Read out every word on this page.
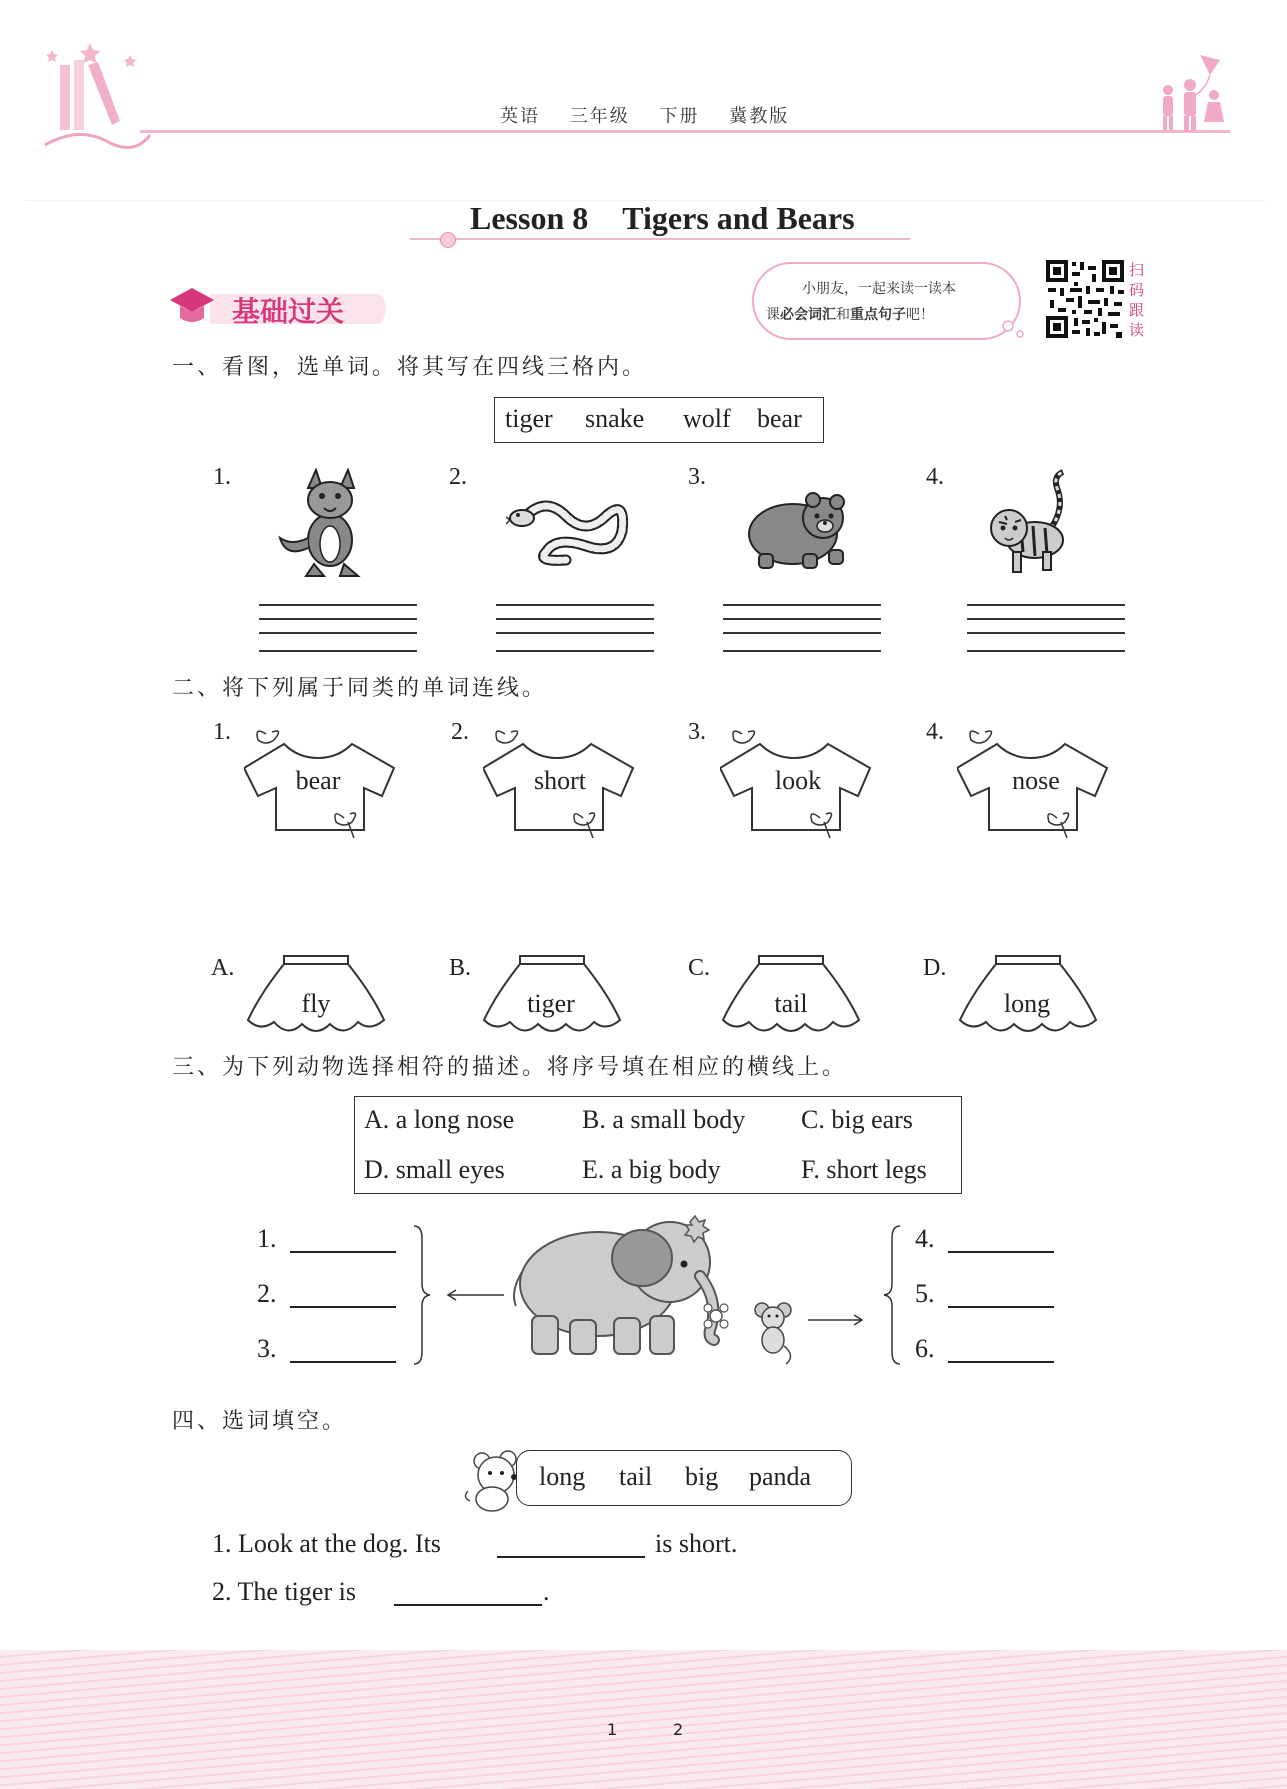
英语 三年级 下册 冀教版
Lesson 8 Tigers and Bears
基础过关
小朋友，一起来读一读本
课必会词汇和重点句子吧！
扫
码
跟
读
一、看图，选单词。将其写在四线三格内。
tiger snake wolf bear
1.	2.	3.	4.
二、将下列属于同类的单词连线。
1.	2.	3.	4.
bear	short	look	nose
A.	B.	C.	D.
fly	tiger	tail	long
三、为下列动物选择相符的描述。将序号填在相应的横线上。
A. a long nose	B. a small body C. big ears
D. small eyes	E. a big body	F. short legs
1.
2.
3.
4.
5.
6.
四、选词填空。
long tail big panda
1. Look at the dog. Its	is short.
2. The tiger is	.
1	2
